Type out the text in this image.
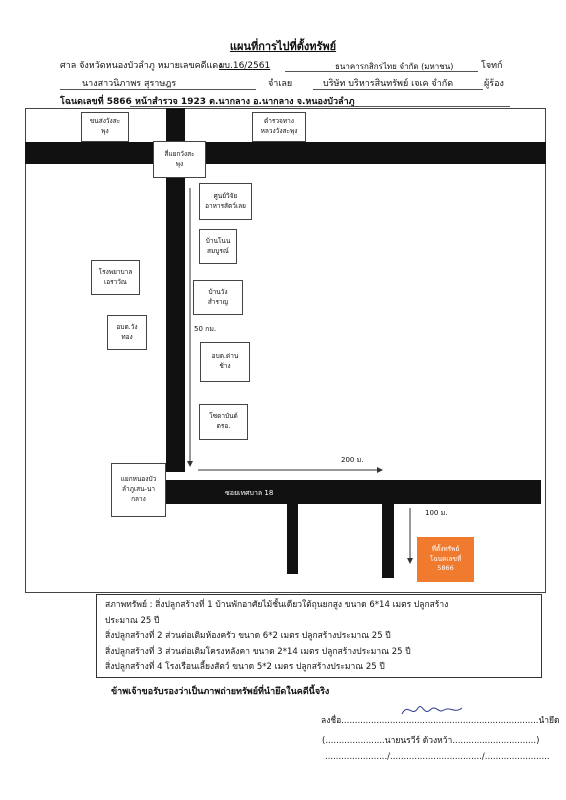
แผนที่การไปที่ตั้งทรัพย์
ศาล จังหวัดหนองบัวลำภู หมายเลขคดีแดง
ผบ.16/2561	ธนาคารกสิกรไทย จำกัด (มหาชน)	โจทก์
นางสาวนิภาพร สุราษฎร	จำเลย	บริษัท บริหารสินทรัพย์ เจเค จำกัด	ผู้ร้อง
โฉนดเลขที่ 5866 หน้าสำรวจ 1923 ต.นากลาง อ.นากลาง จ.หนองบัวลำภู
ซอยเทศบาล 18
ขนส่งวังสะ
พุง
ตำรวจทาง
หลวงวังสะพุง
สี่แยกวังสะ
พุง
ศูนย์วิจัย
อาหารสัตว์เลย
บ้านโนน
สมบูรณ์
โรงพยาบาล
เอราวัณ
บ้านวัง
สำราญ
อบต.วัง
ทอง
อบต.ด่าน
ช้าง
โซดาบันต์
ตรอ.
แยกหนองบัว
ลำภูเสน-นา
กลาง
50 กม.
200 ม.
100 ม.
ที่ตั้งทรัพย์
โฉนดเลขที่
5866
สภาพทรัพย์ : สิ่งปลูกสร้างที่ 1 บ้านพักอาศัยไม้ชั้นเดียวใต้ถุนยกสูง ขนาด 6*14 เมตร ปลูกสร้าง
ประมาณ 25 ปี
สิ่งปลูกสร้างที่ 2 ส่วนต่อเติมห้องครัว ขนาด 6*2 เมตร ปลูกสร้างประมาณ 25 ปี
สิ่งปลูกสร้างที่ 3 ส่วนต่อเติมโครงหลังคา ขนาด 2*14 เมตร ปลูกสร้างประมาณ 25 ปี
สิ่งปลูกสร้างที่ 4 โรงเรือนเลี้ยงสัตว์ ขนาด 5*2 เมตร ปลูกสร้างประมาณ 25 ปี
ข้าพเจ้าขอรับรองว่าเป็นภาพถ่ายทรัพย์ที่นำยึดในคดีนี้จริง
ลงชื่อ.........................................................................นำยึด
(......................นายนรวีร์ ด้วงหว้า...............................)
......................./................................../........................
